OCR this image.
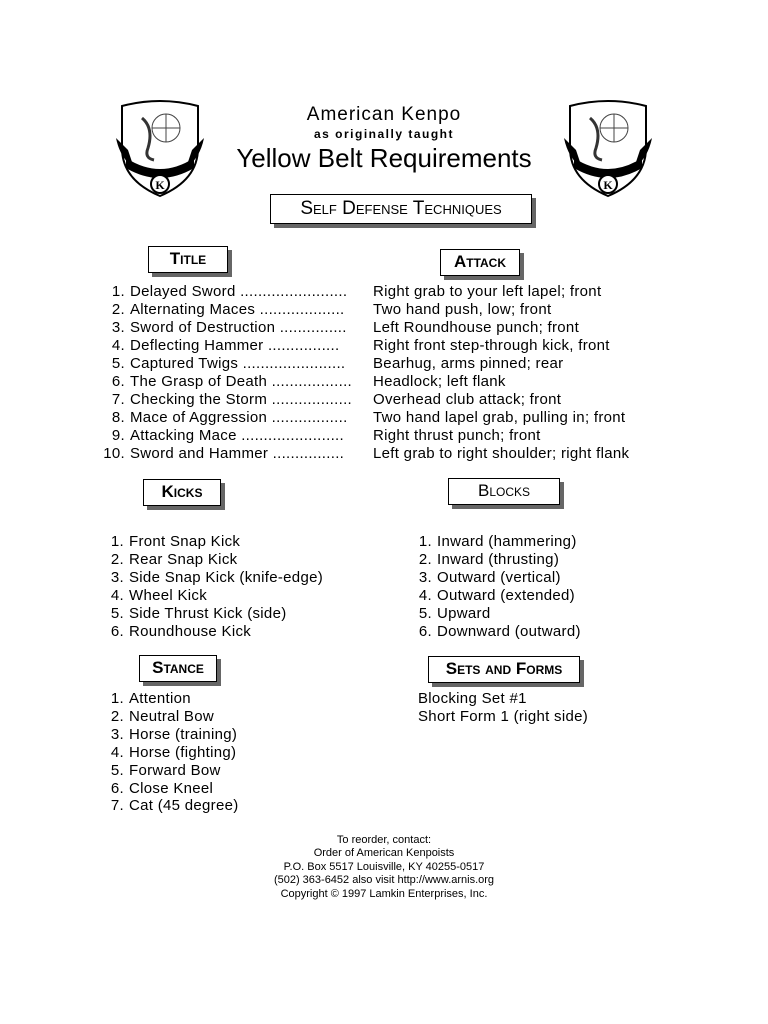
K	K
American Kenpo
as originally taught
Yellow Belt Requirements
Self Defense Techniques
Title	Attack
1. Delayed Sword ........................ Right grab to your left lapel; front
2. Alternating Maces ................... Two hand push, low; front
3. Sword of Destruction ............... Left Roundhouse punch; front
4. Deflecting Hammer ................ Right front step-through kick, front
5. Captured Twigs ....................... Bearhug, arms pinned; rear
6. The Grasp of Death .................. Headlock; left flank
7. Checking the Storm .................. Overhead club attack; front
8. Mace of Aggression ................. Two hand lapel grab, pulling in; front
9. Attacking Mace ....................... Right thrust punch; front
10. Sword and Hammer ................ Left grab to right shoulder; right flank
Kicks
1. Front Snap Kick
2. Rear Snap Kick
3. Side Snap Kick (knife-edge)
4. Wheel Kick
5. Side Thrust Kick (side)
6. Roundhouse Kick
Blocks
1. Inward (hammering)
2. Inward (thrusting)
3. Outward (vertical)
4. Outward (extended)
5. Upward
6. Downward (outward)
Stance
1. Attention
2. Neutral Bow
3. Horse (training)
4. Horse (fighting)
5. Forward Bow
6. Close Kneel
7. Cat (45 degree)
Sets and Forms
Blocking Set #1
Short Form 1 (right side)
To reorder, contact:
Order of American Kenpoists
P.O. Box 5517 Louisville, KY 40255-0517
(502) 363-6452 also visit http://www.arnis.org
Copyright © 1997 Lamkin Enterprises, Inc.
